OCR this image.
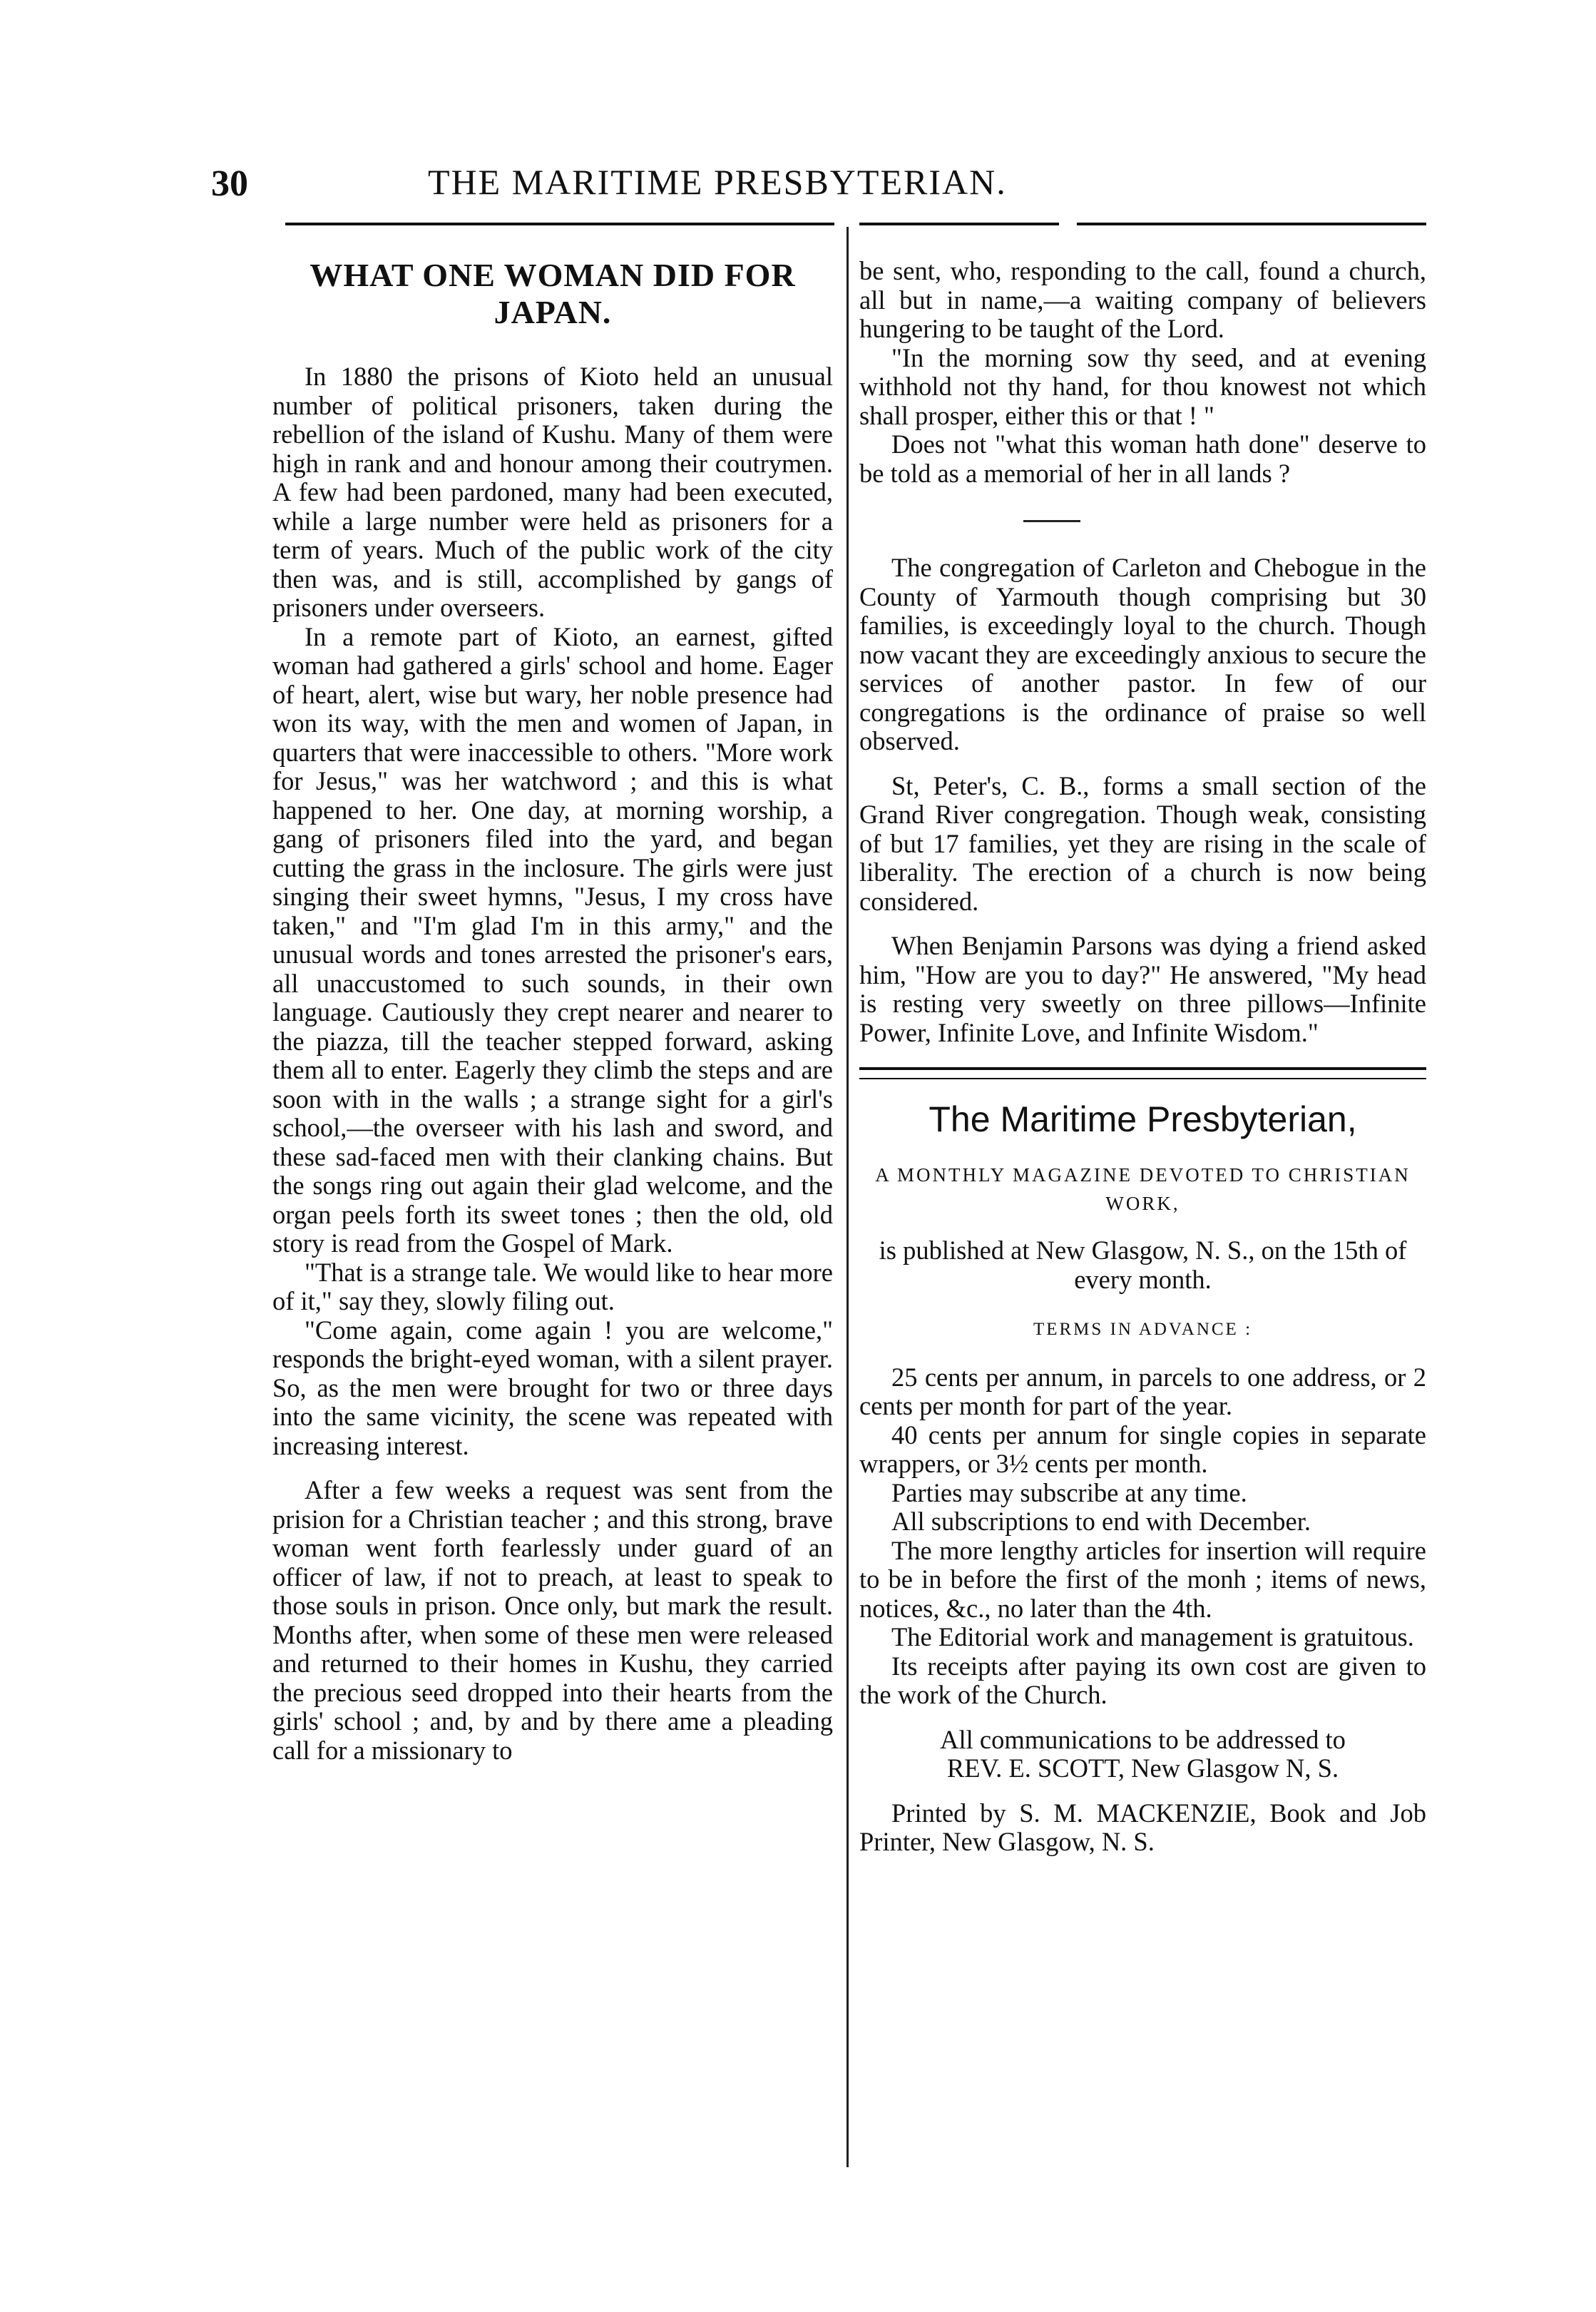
30	THE MARITIME PRESBYTERIAN.
WHAT ONE WOMAN DID FOR JAPAN.

In 1880 the prisons of Kioto held an unusual number of political prisoners, taken during the rebellion of the island of Kushu. Many of them were high in rank and and honour among their coutrymen. A few had been pardoned, many had been executed, while a large number were held as prisoners for a term of years. Much of the public work of the city then was, and is still, accomplished by gangs of prisoners under overseers.

In a remote part of Kioto, an earnest, gifted woman had gathered a girls' school and home. Eager of heart, alert, wise but wary, her noble presence had won its way, with the men and women of Japan, in quarters that were inaccessible to others. "More work for Jesus," was her watchword ; and this is what happened to her. One day, at morning worship, a gang of prisoners filed into the yard, and began cutting the grass in the inclosure. The girls were just singing their sweet hymns, "Jesus, I my cross have taken," and "I'm glad I'm in this army," and the unusual words and tones arrested the prisoner's ears, all unaccustomed to such sounds, in their own language. Cautiously they crept nearer and nearer to the piazza, till the teacher stepped forward, asking them all to enter. Eagerly they climb the steps and are soon with in the walls ; a strange sight for a girl's school,—the overseer with his lash and sword, and these sad-faced men with their clanking chains. But the songs ring out again their glad welcome, and the organ peels forth its sweet tones ; then the old, old story is read from the Gospel of Mark.

"That is a strange tale. We would like to hear more of it," say they, slowly filing out.

"Come again, come again ! you are welcome," responds the bright-eyed woman, with a silent prayer. So, as the men were brought for two or three days into the same vicinity, the scene was repeated with increasing interest.

After a few weeks a request was sent from the prision for a Christian teacher ; and this strong, brave woman went forth fearlessly under guard of an officer of law, if not to preach, at least to speak to those souls in prison. Once only, but mark the result. Months after, when some of these men were released and returned to their homes in Kushu, they carried the precious seed dropped into their hearts from the girls' school ; and, by and by there ame a pleading call for a missionary to

be sent, who, responding to the call, found a church, all but in name,—a waiting company of believers hungering to be taught of the Lord.

"In the morning sow thy seed, and at evening withhold not thy hand, for thou knowest not which shall prosper, either this or that ! "

Does not "what this woman hath done" deserve to be told as a memorial of her in all lands ?

The congregation of Carleton and Chebogue in the County of Yarmouth though comprising but 30 families, is exceedingly loyal to the church. Though now vacant they are exceedingly anxious to secure the services of another pastor. In few of our congregations is the ordinance of praise so well observed.

St, Peter's, C. B., forms a small section of the Grand River congregation. Though weak, consisting of but 17 families, yet they are rising in the scale of liberality. The erection of a church is now being considered.

When Benjamin Parsons was dying a friend asked him, "How are you to day?" He answered, "My head is resting very sweetly on three pillows—Infinite Power, Infinite Love, and Infinite Wisdom."

The Maritime Presbyterian,
A MONTHLY MAGAZINE DEVOTED TO CHRISTIAN WORK,

is published at New Glasgow, N. S., on the 15th of every month.

TERMS IN ADVANCE :

25 cents per annum, in parcels to one address, or 2 cents per month for part of the year.

40 cents per annum for single copies in separate wrappers, or 3½ cents per month.

Parties may subscribe at any time.

All subscriptions to end with December.

The more lengthy articles for insertion will require to be in before the first of the monh ; items of news, notices, &c., no later than the 4th.

The Editorial work and management is gratuitous.

Its receipts after paying its own cost are given to the work of the Church.

All communications to be addressed to

REV. E. SCOTT, New Glasgow N, S.

Printed by S. M. MACKENZIE, Book and Job Printer, New Glasgow, N. S.
